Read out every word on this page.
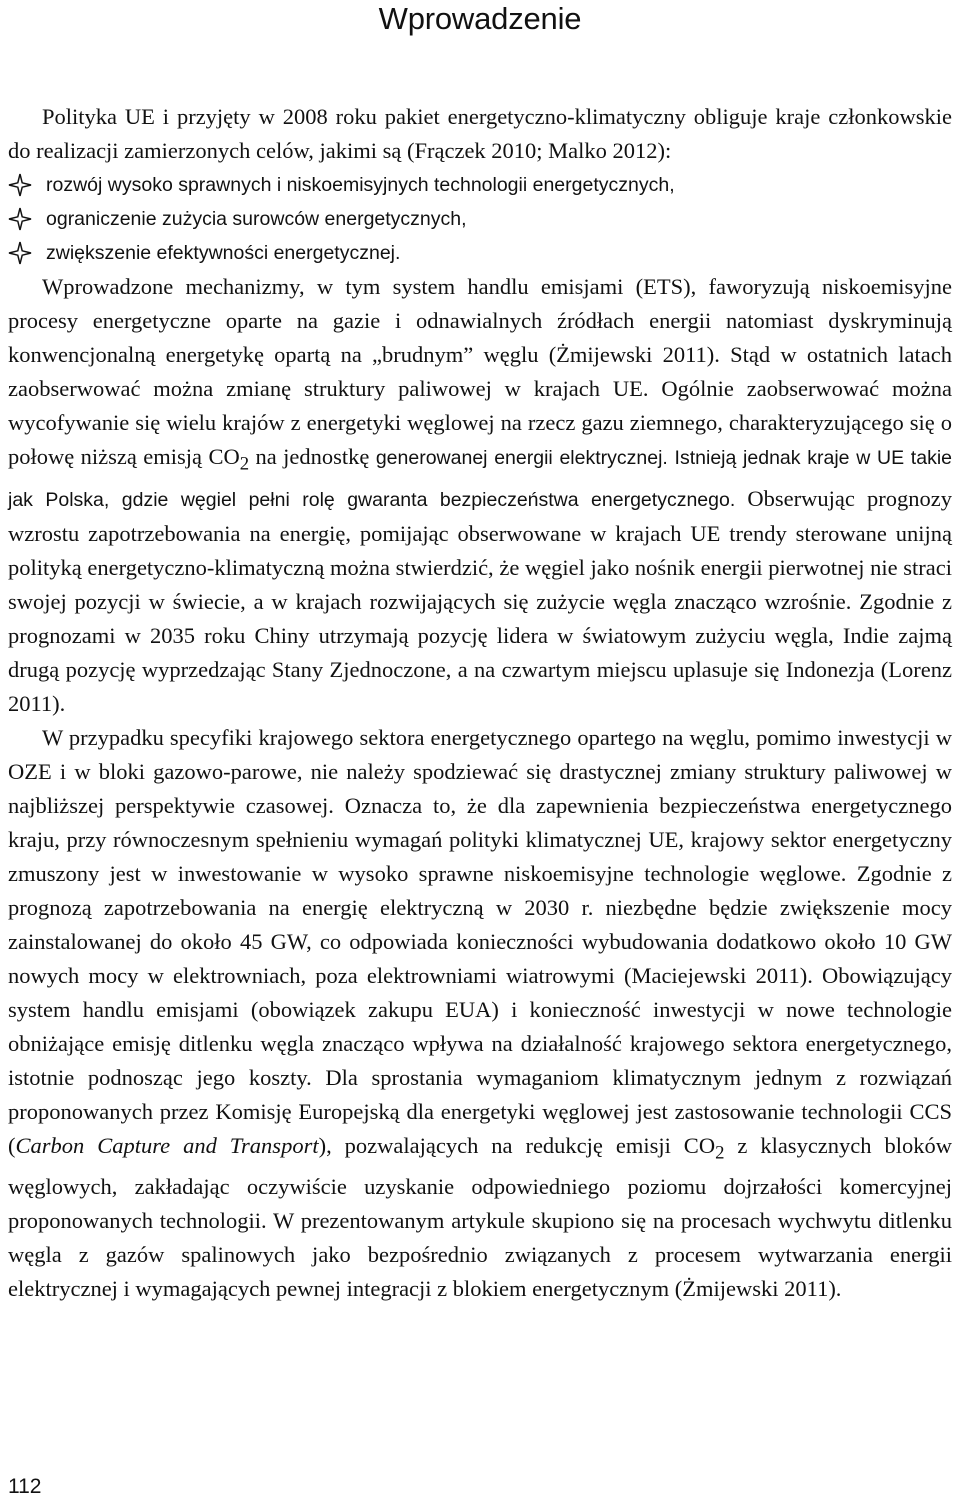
Wprowadzenie

Polityka UE i przyjęty w 2008 roku pakiet energetyczno-klimatyczny obliguje kraje członkowskie do realizacji zamierzonych celów, jakimi są (Frączek 2010; Malko 2012):

rozwój wysoko sprawnych i niskoemisyjnych technologii energetycznych,
ograniczenie zużycia surowców energetycznych,
zwiększenie efektywności energetycznej.

Wprowadzone mechanizmy, w tym system handlu emisjami (ETS), faworyzują niskoemisyjne procesy energetyczne oparte na gazie i odnawialnych źródłach energii natomiast dyskryminują konwencjonalną energetykę opartą na „brudnym” węglu (Żmijewski 2011). Stąd w ostatnich latach zaobserwować można zmianę struktury paliwowej w krajach UE. Ogólnie zaobserwować można wycofywanie się wielu krajów z energetyki węglowej na rzecz gazu ziemnego, charakteryzującego się o połowę niższą emisją $CO_2$ na jednostkę generowanej energii elektrycznej. Istnieją jednak kraje w UE takie jak Polska, gdzie węgiel pełni rolę gwaranta bezpieczeństwa energetycznego. Obserwując prognozy wzrostu zapotrzebowania na energię, pomijając obserwowane w krajach UE trendy sterowane unijną polityką energetyczno-klimatyczną można stwierdzić, że węgiel jako nośnik energii pierwotnej nie straci swojej pozycji w świecie, a w krajach rozwijających się zużycie węgla znacząco wzrośnie. Zgodnie z prognozami w 2035 roku Chiny utrzymają pozycję lidera w światowym zużyciu węgla, Indie zajmą drugą pozycję wyprzedzając Stany Zjednoczone, a na czwartym miejscu uplasuje się Indonezja (Lorenz 2011).

W przypadku specyfiki krajowego sektora energetycznego opartego na węglu, pomimo inwestycji w OZE i w bloki gazowo-parowe, nie należy spodziewać się drastycznej zmiany struktury paliwowej w najbliższej perspektywie czasowej. Oznacza to, że dla zapewnienia bezpieczeństwa energetycznego kraju, przy równoczesnym spełnieniu wymagań polityki klimatycznej UE, krajowy sektor energetyczny zmuszony jest w inwestowanie w wysoko sprawne niskoemisyjne technologie węglowe. Zgodnie z prognozą zapotrzebowania na energię elektryczną w 2030 r. niezbędne będzie zwiększenie mocy zainstalowanej do około 45 GW, co odpowiada konieczności wybudowania dodatkowo około 10 GW nowych mocy w elektrowniach, poza elektrowniami wiatrowymi (Maciejewski 2011). Obowiązujący system handlu emisjami (obowiązek zakupu EUA) i konieczność inwestycji w nowe technologie obniżające emisję ditlenku węgla znacząco wpływa na działalność krajowego sektora energetycznego, istotnie podnosząc jego koszty. Dla sprostania wymaganiom klimatycznym jednym z rozwiązań proponowanych przez Komisję Europejską dla energetyki węglowej jest zastosowanie technologii CCS (Carbon Capture and Transport), pozwalających na redukcję emisji $CO_2$ z klasycznych bloków węglowych, zakładając oczywiście uzyskanie odpowiedniego poziomu dojrzałości komercyjnej proponowanych technologii. W prezentowanym artykule skupiono się na procesach wychwytu ditlenku węgla z gazów spalinowych jako bezpośrednio związanych z procesem wytwarzania energii elektrycznej i wymagających pewnej integracji z blokiem energetycznym (Żmijewski 2011).

112
